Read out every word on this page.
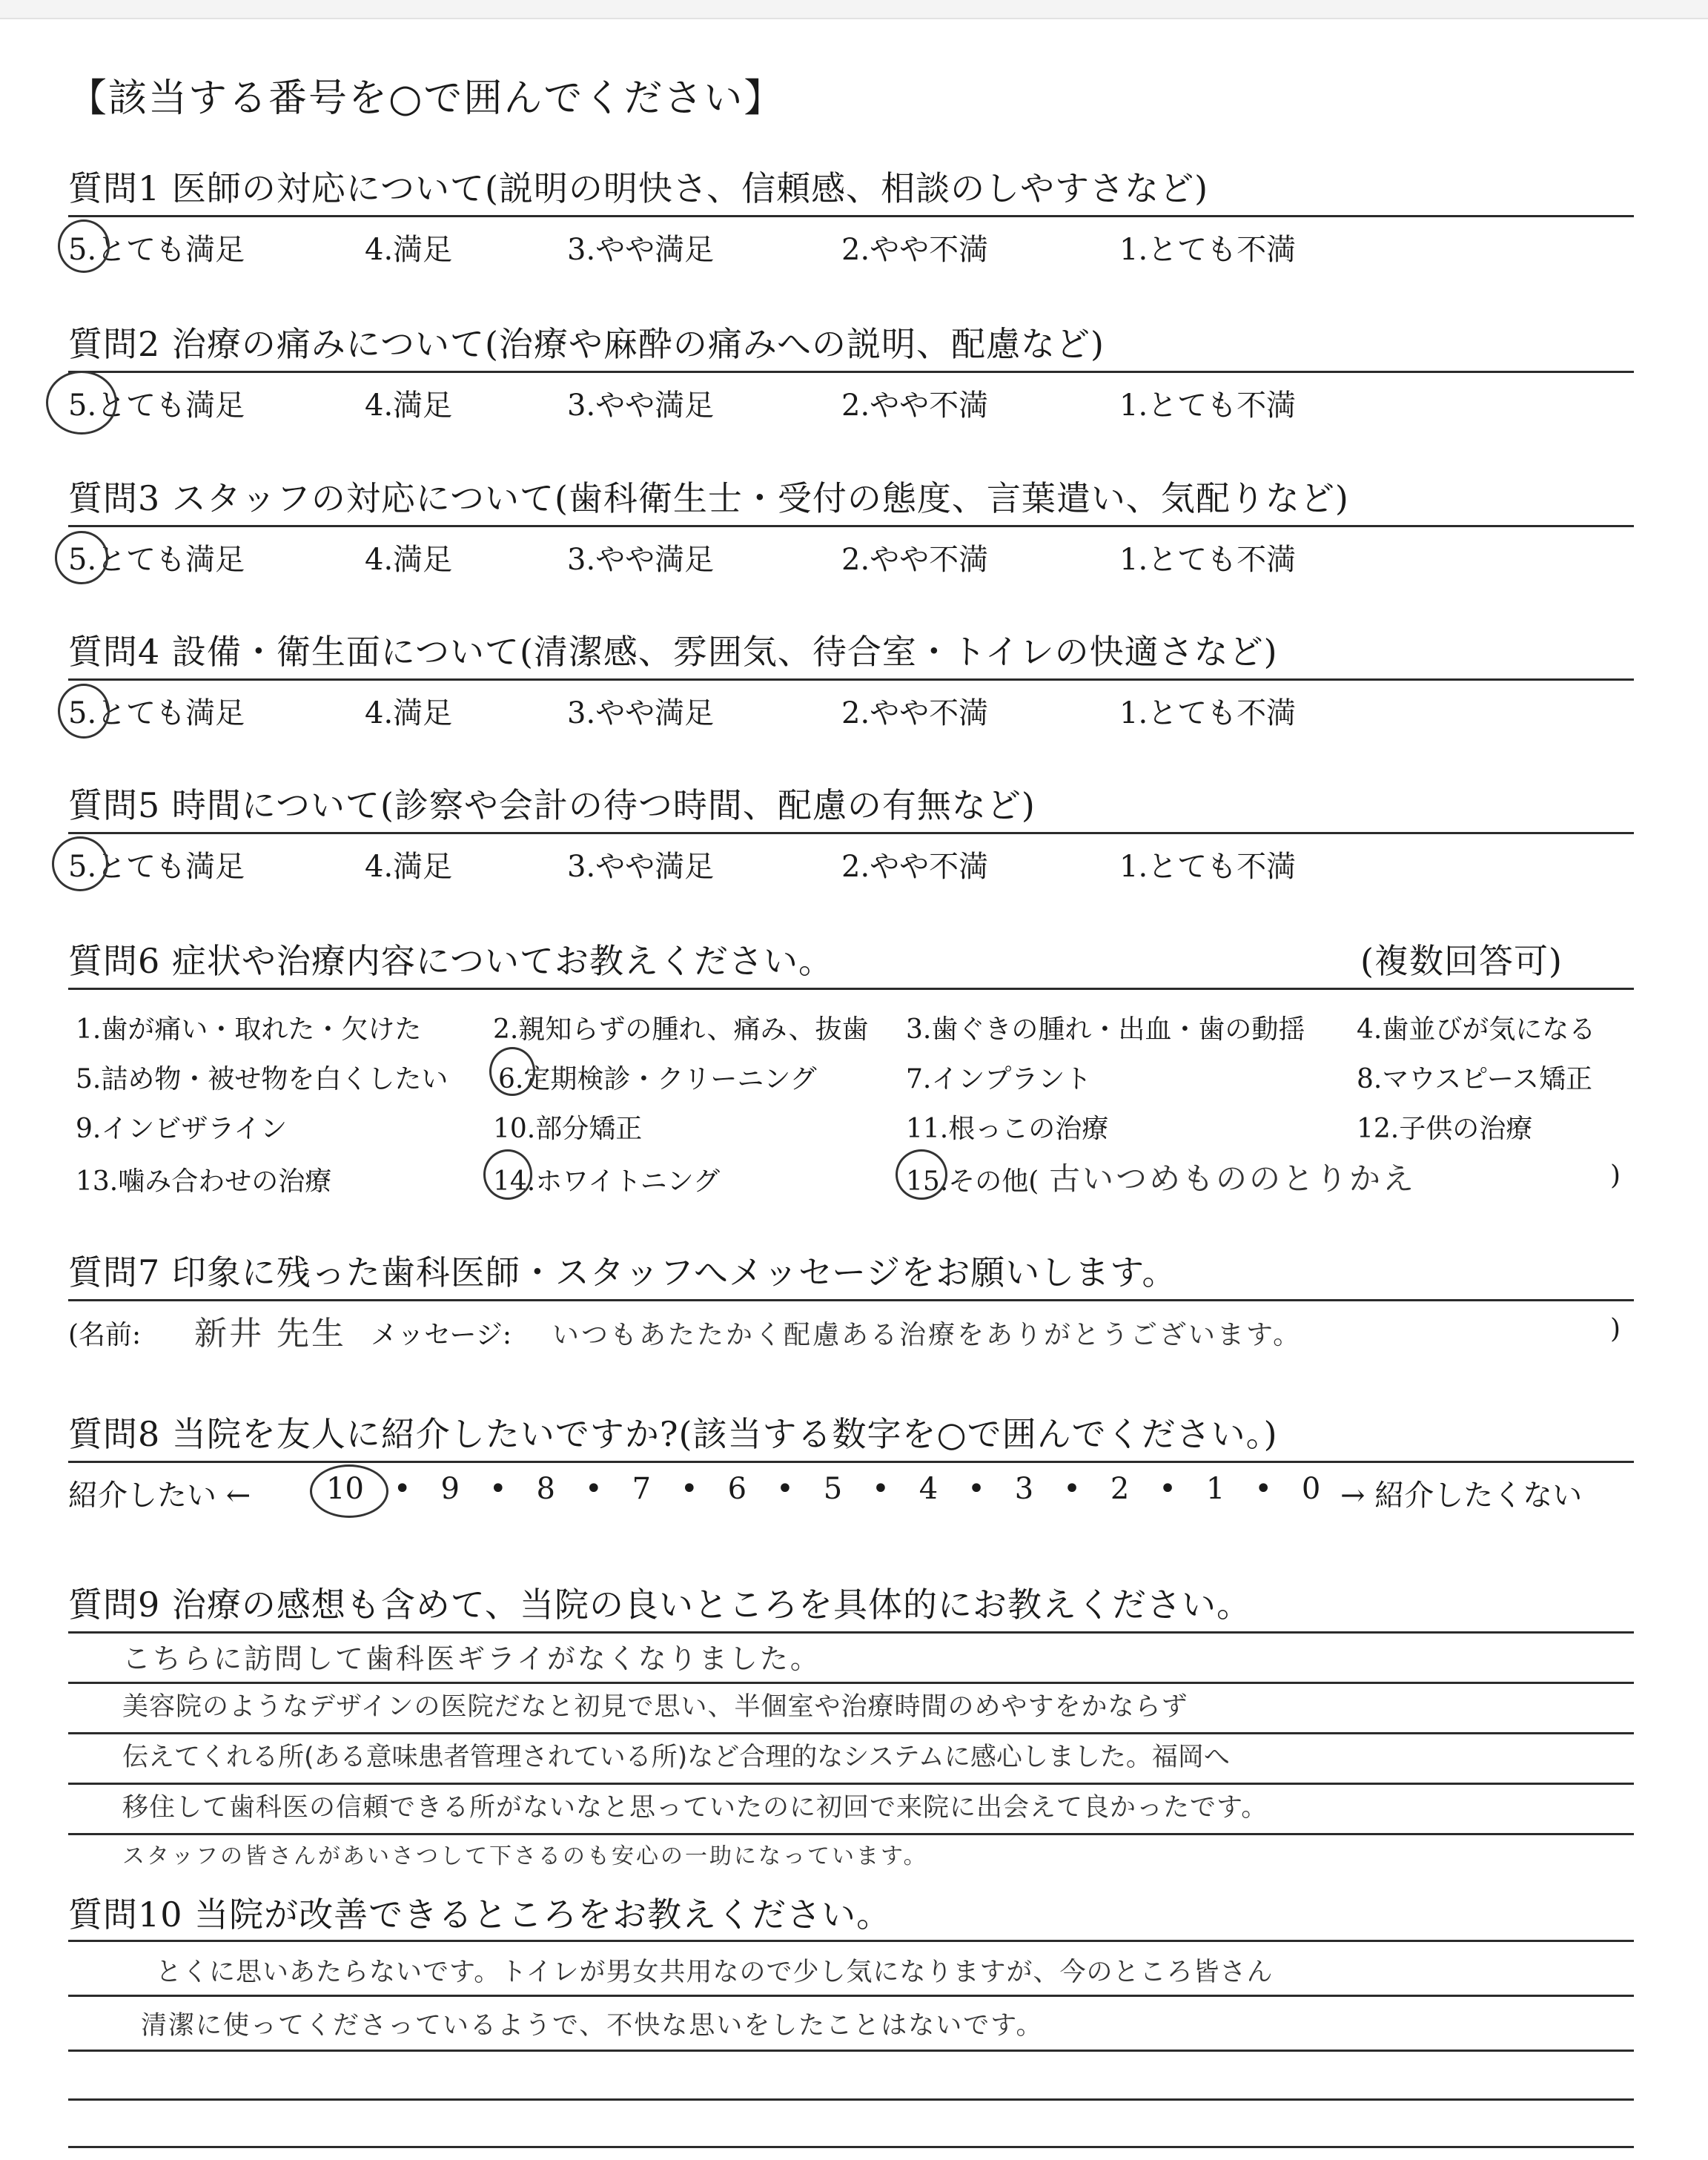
【該当する番号を○で囲んでください】
質問1 医師の対応について(説明の明快さ、信頼感、相談のしやすさなど)
5.とても満足	4.満足	3.やや満足	2.やや不満	1.とても不満
質問2 治療の痛みについて(治療や麻酔の痛みへの説明、配慮など)
5.とても満足	4.満足	3.やや満足	2.やや不満	1.とても不満
質問3 スタッフの対応について(歯科衛生士・受付の態度、言葉遣い、気配りなど)
5.とても満足	4.満足	3.やや満足	2.やや不満	1.とても不満
質問4 設備・衛生面について(清潔感、雰囲気、待合室・トイレの快適さなど)
5.とても満足	4.満足	3.やや満足	2.やや不満	1.とても不満
質問5 時間について(診察や会計の待つ時間、配慮の有無など)
5.とても満足	4.満足	3.やや満足	2.やや不満	1.とても不満
質問6 症状や治療内容についてお教えください。	(複数回答可)
1.歯が痛い・取れた・欠けた	2.親知らずの腫れ、痛み、抜歯 3.歯ぐきの腫れ・出血・歯の動揺 4.歯並びが気になる
5.詰め物・被せ物を白くしたい 6.定期検診・クリーニング	7.インプラント	8.マウスピース矯正
9.インビザライン	10.部分矯正	11.根っこの治療	12.子供の治療
13.噛み合わせの治療	14.ホワイトニング	15.その他( 古いつめもののとりかえ	)
質問7 印象に残った歯科医師・スタッフへメッセージをお願いします。
(名前: 新井 先生 メッセージ: いつもあたたかく配慮ある治療をありがとうございます。	)
質問8 当院を友人に紹介したいですか?(該当する数字を○で囲んでください。)
紹介したい ←	10 • 9 • 8 • 7 • 6 • 5 • 4 • 3 • 2 • 1 • 0 → 紹介したくない
質問9 治療の感想も含めて、当院の良いところを具体的にお教えください。
こちらに訪問して歯科医ギライがなくなりました。
美容院のようなデザインの医院だなと初見で思い、半個室や治療時間のめやすをかならず
伝えてくれる所(ある意味患者管理されている所)など合理的なシステムに感心しました。福岡へ
移住して歯科医の信頼できる所がないなと思っていたのに初回で来院に出会えて良かったです。
スタッフの皆さんがあいさつして下さるのも安心の一助になっています。
質問10 当院が改善できるところをお教えください。
とくに思いあたらないです。トイレが男女共用なので少し気になりますが、今のところ皆さん
清潔に使ってくださっているようで、不快な思いをしたことはないです。
